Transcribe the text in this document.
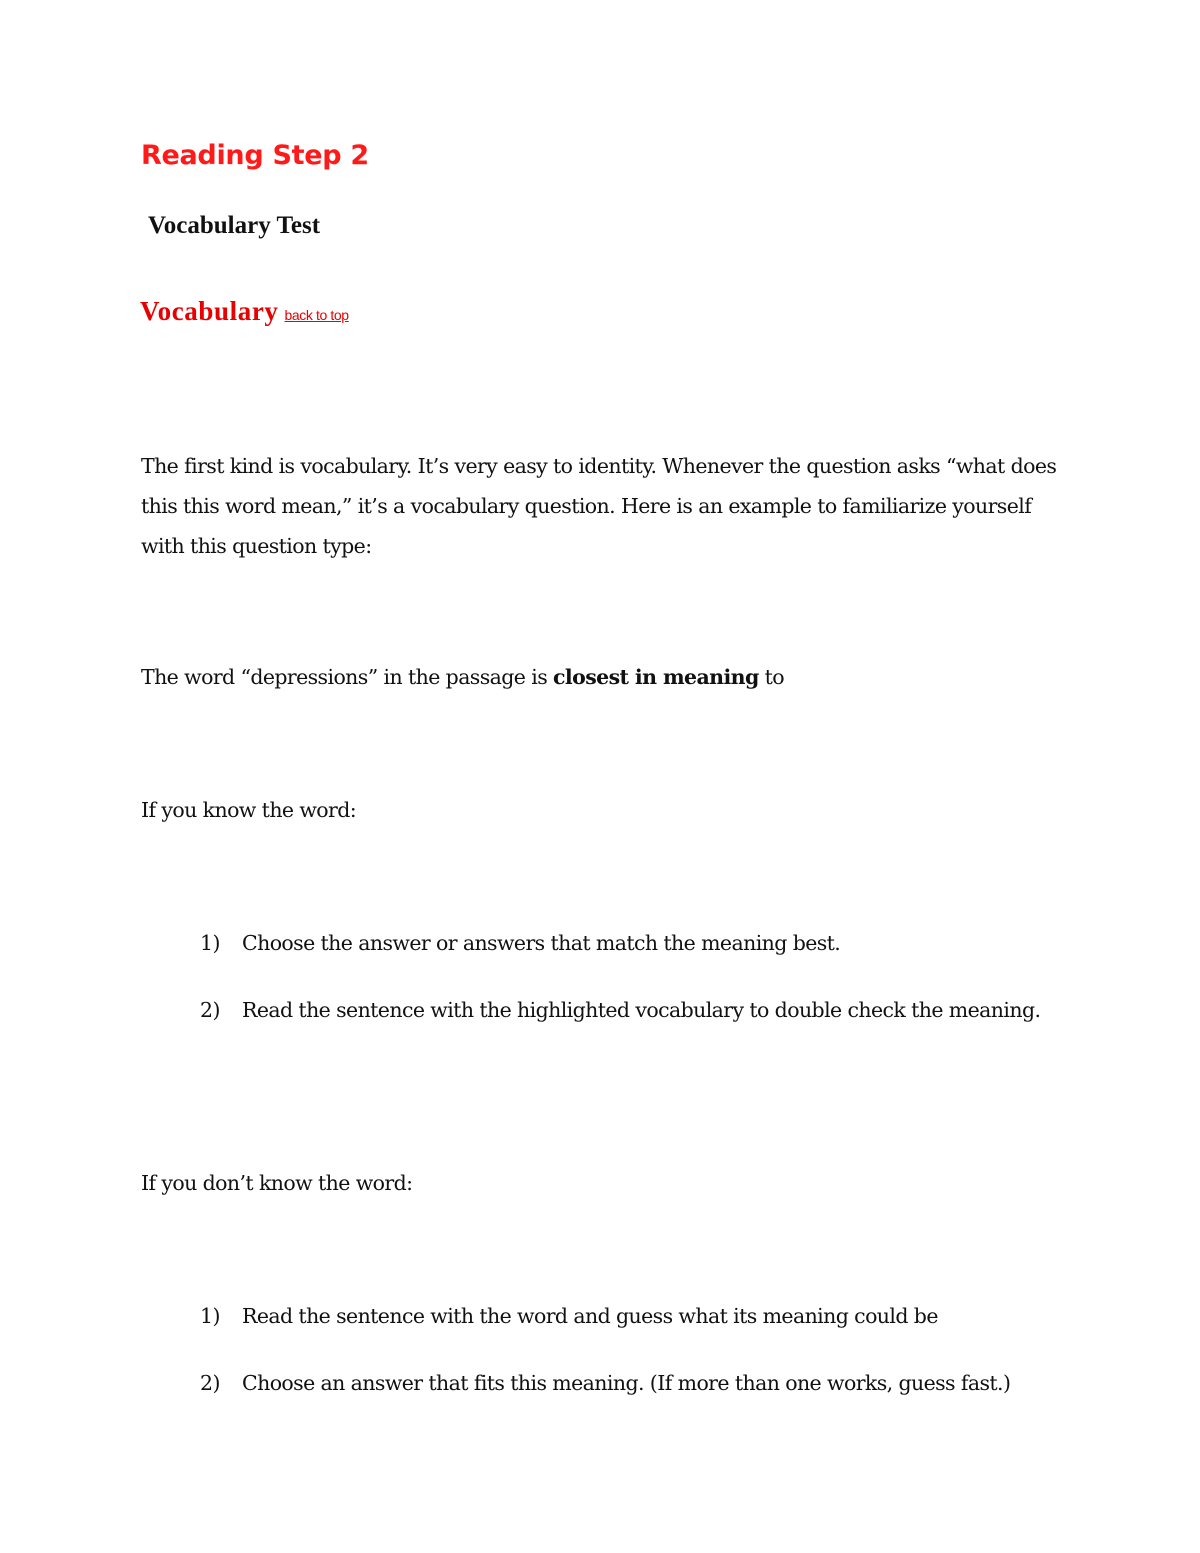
Reading Step 2
Vocabulary Test
Vocabulary back to top
The first kind is vocabulary. It’s very easy to identity. Whenever the question asks “what does this this word mean,” it’s a vocabulary question. Here is an example to familiarize yourself with this question type:
The word “depressions” in the passage is closest in meaning to
If you know the word:
1) Choose the answer or answers that match the meaning best.
2) Read the sentence with the highlighted vocabulary to double check the meaning.
If you don’t know the word:
1) Read the sentence with the word and guess what its meaning could be
2) Choose an answer that fits this meaning. (If more than one works, guess fast.)
